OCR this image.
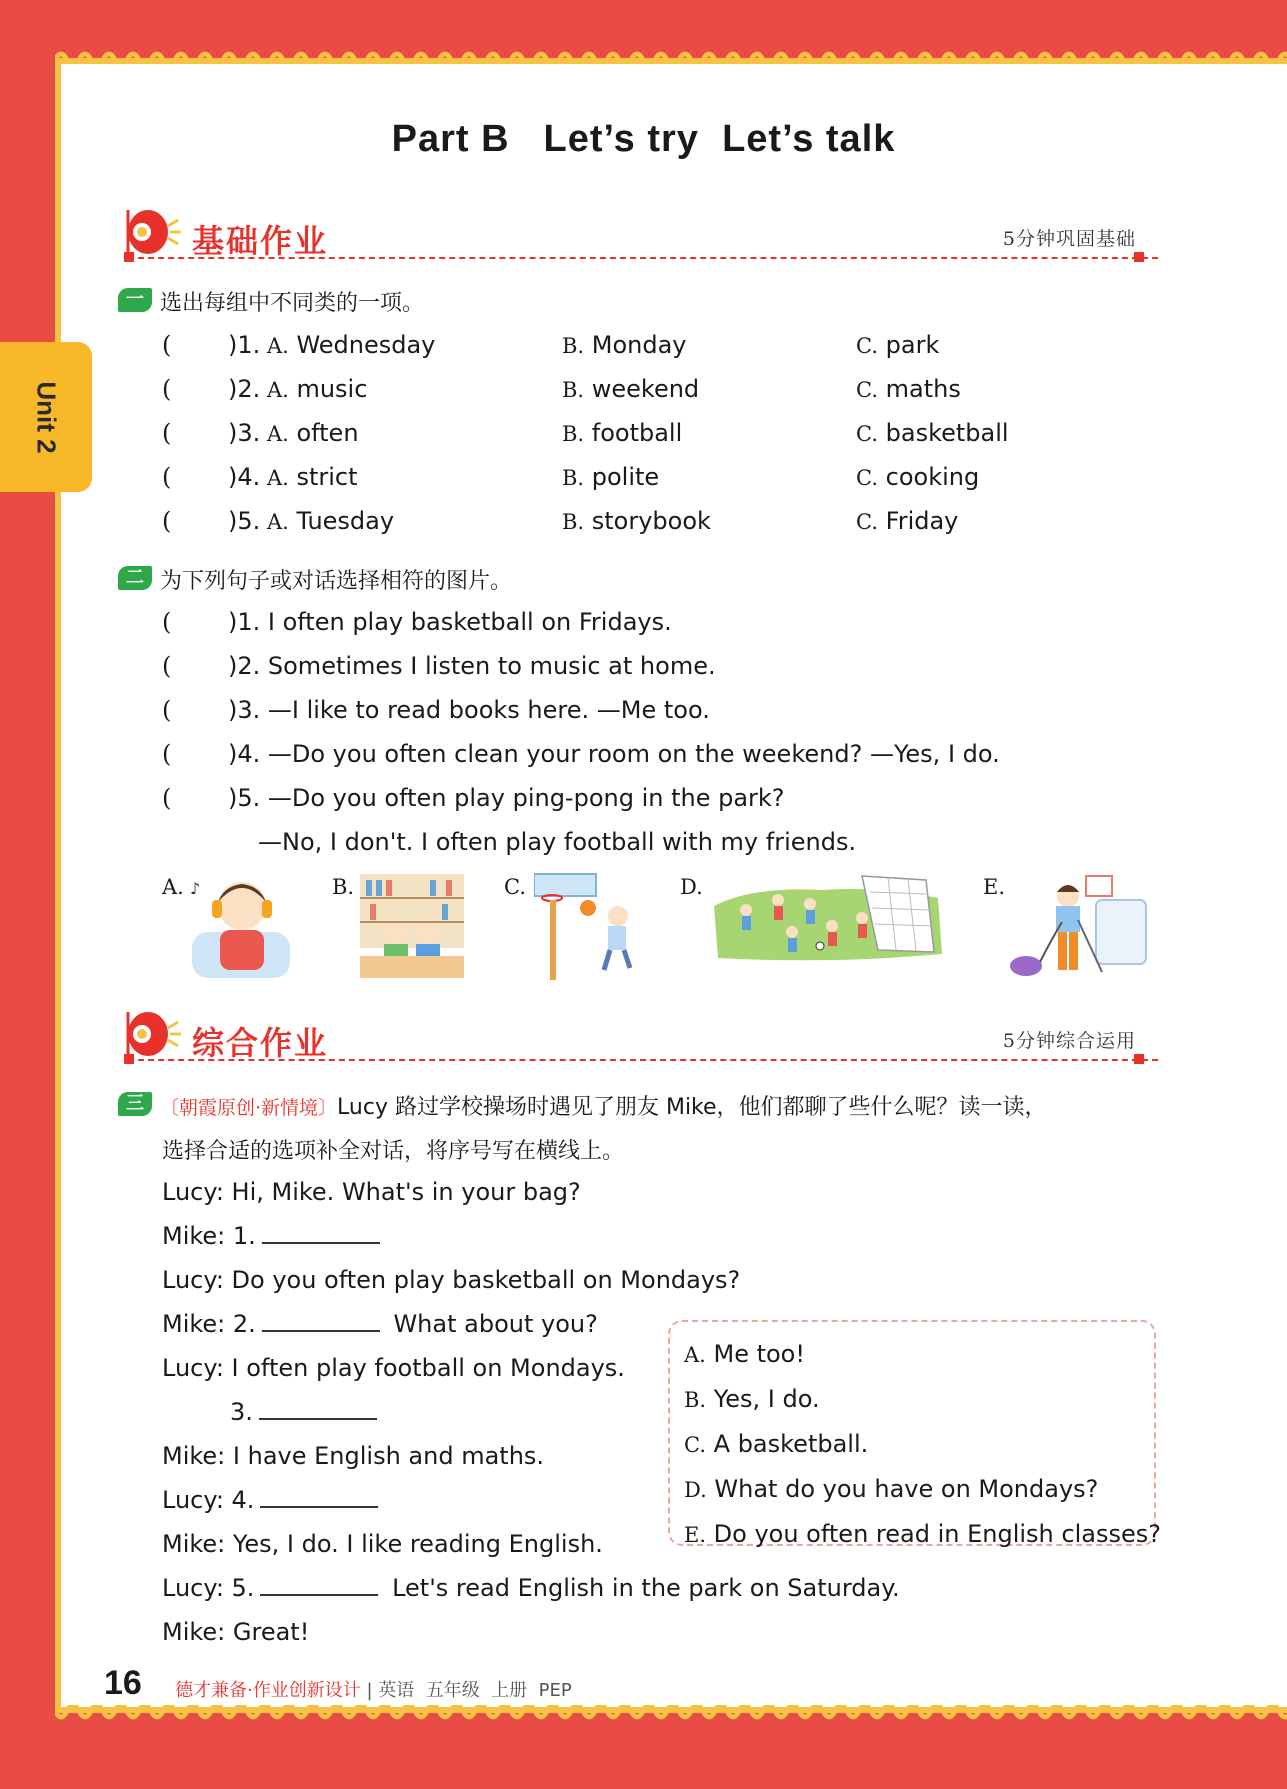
Unit 2
Part B Let’s try Let’s talk
基础作业	5分钟巩固基础
一 选出每组中不同类的一项。
( )1. A. Wednesday	B. Monday	C. park
( )2. A. music	B. weekend	C. maths
( )3. A. often	B. football	C. basketball
( )4. A. strict	B. polite	C. cooking
( )5. A. Tuesday	B. storybook	C. Friday
二 为下列句子或对话选择相符的图片。
( )1. I often play basketball on Fridays.
( )2. Sometimes I listen to music at home.
( )3. —I like to read books here. —Me too.
( )4. —Do you often clean your room on the weekend? —Yes, I do.
( )5. —Do you often play ping-pong in the park?
—No, I don't. I often play football with my friends.
A. ♪	B.	C.	D.	E.
综合作业	5分钟综合运用
三 〔朝霞原创·新情境〕Lucy 路过学校操场时遇见了朋友 Mike，他们都聊了些什么呢？读一读，
选择合适的选项补全对话，将序号写在横线上。
Lucy: Hi, Mike. What's in your bag?
Mike: 1.
Lucy: Do you often play basketball on Mondays?
Mike: 2.	What about you?
Lucy: I often play football on Mondays.
3.
Mike: I have English and maths.
Lucy: 4.
Mike: Yes, I do. I like reading English.
Lucy: 5.	Let's read English in the park on Saturday.
Mike: Great!
A. Me too!
B. Yes, I do.
C. A basketball.
D. What do you have on Mondays?
E. Do you often read in English classes?
16 德才兼备·作业创新设计 | 英语 五年级 上册 PEP
